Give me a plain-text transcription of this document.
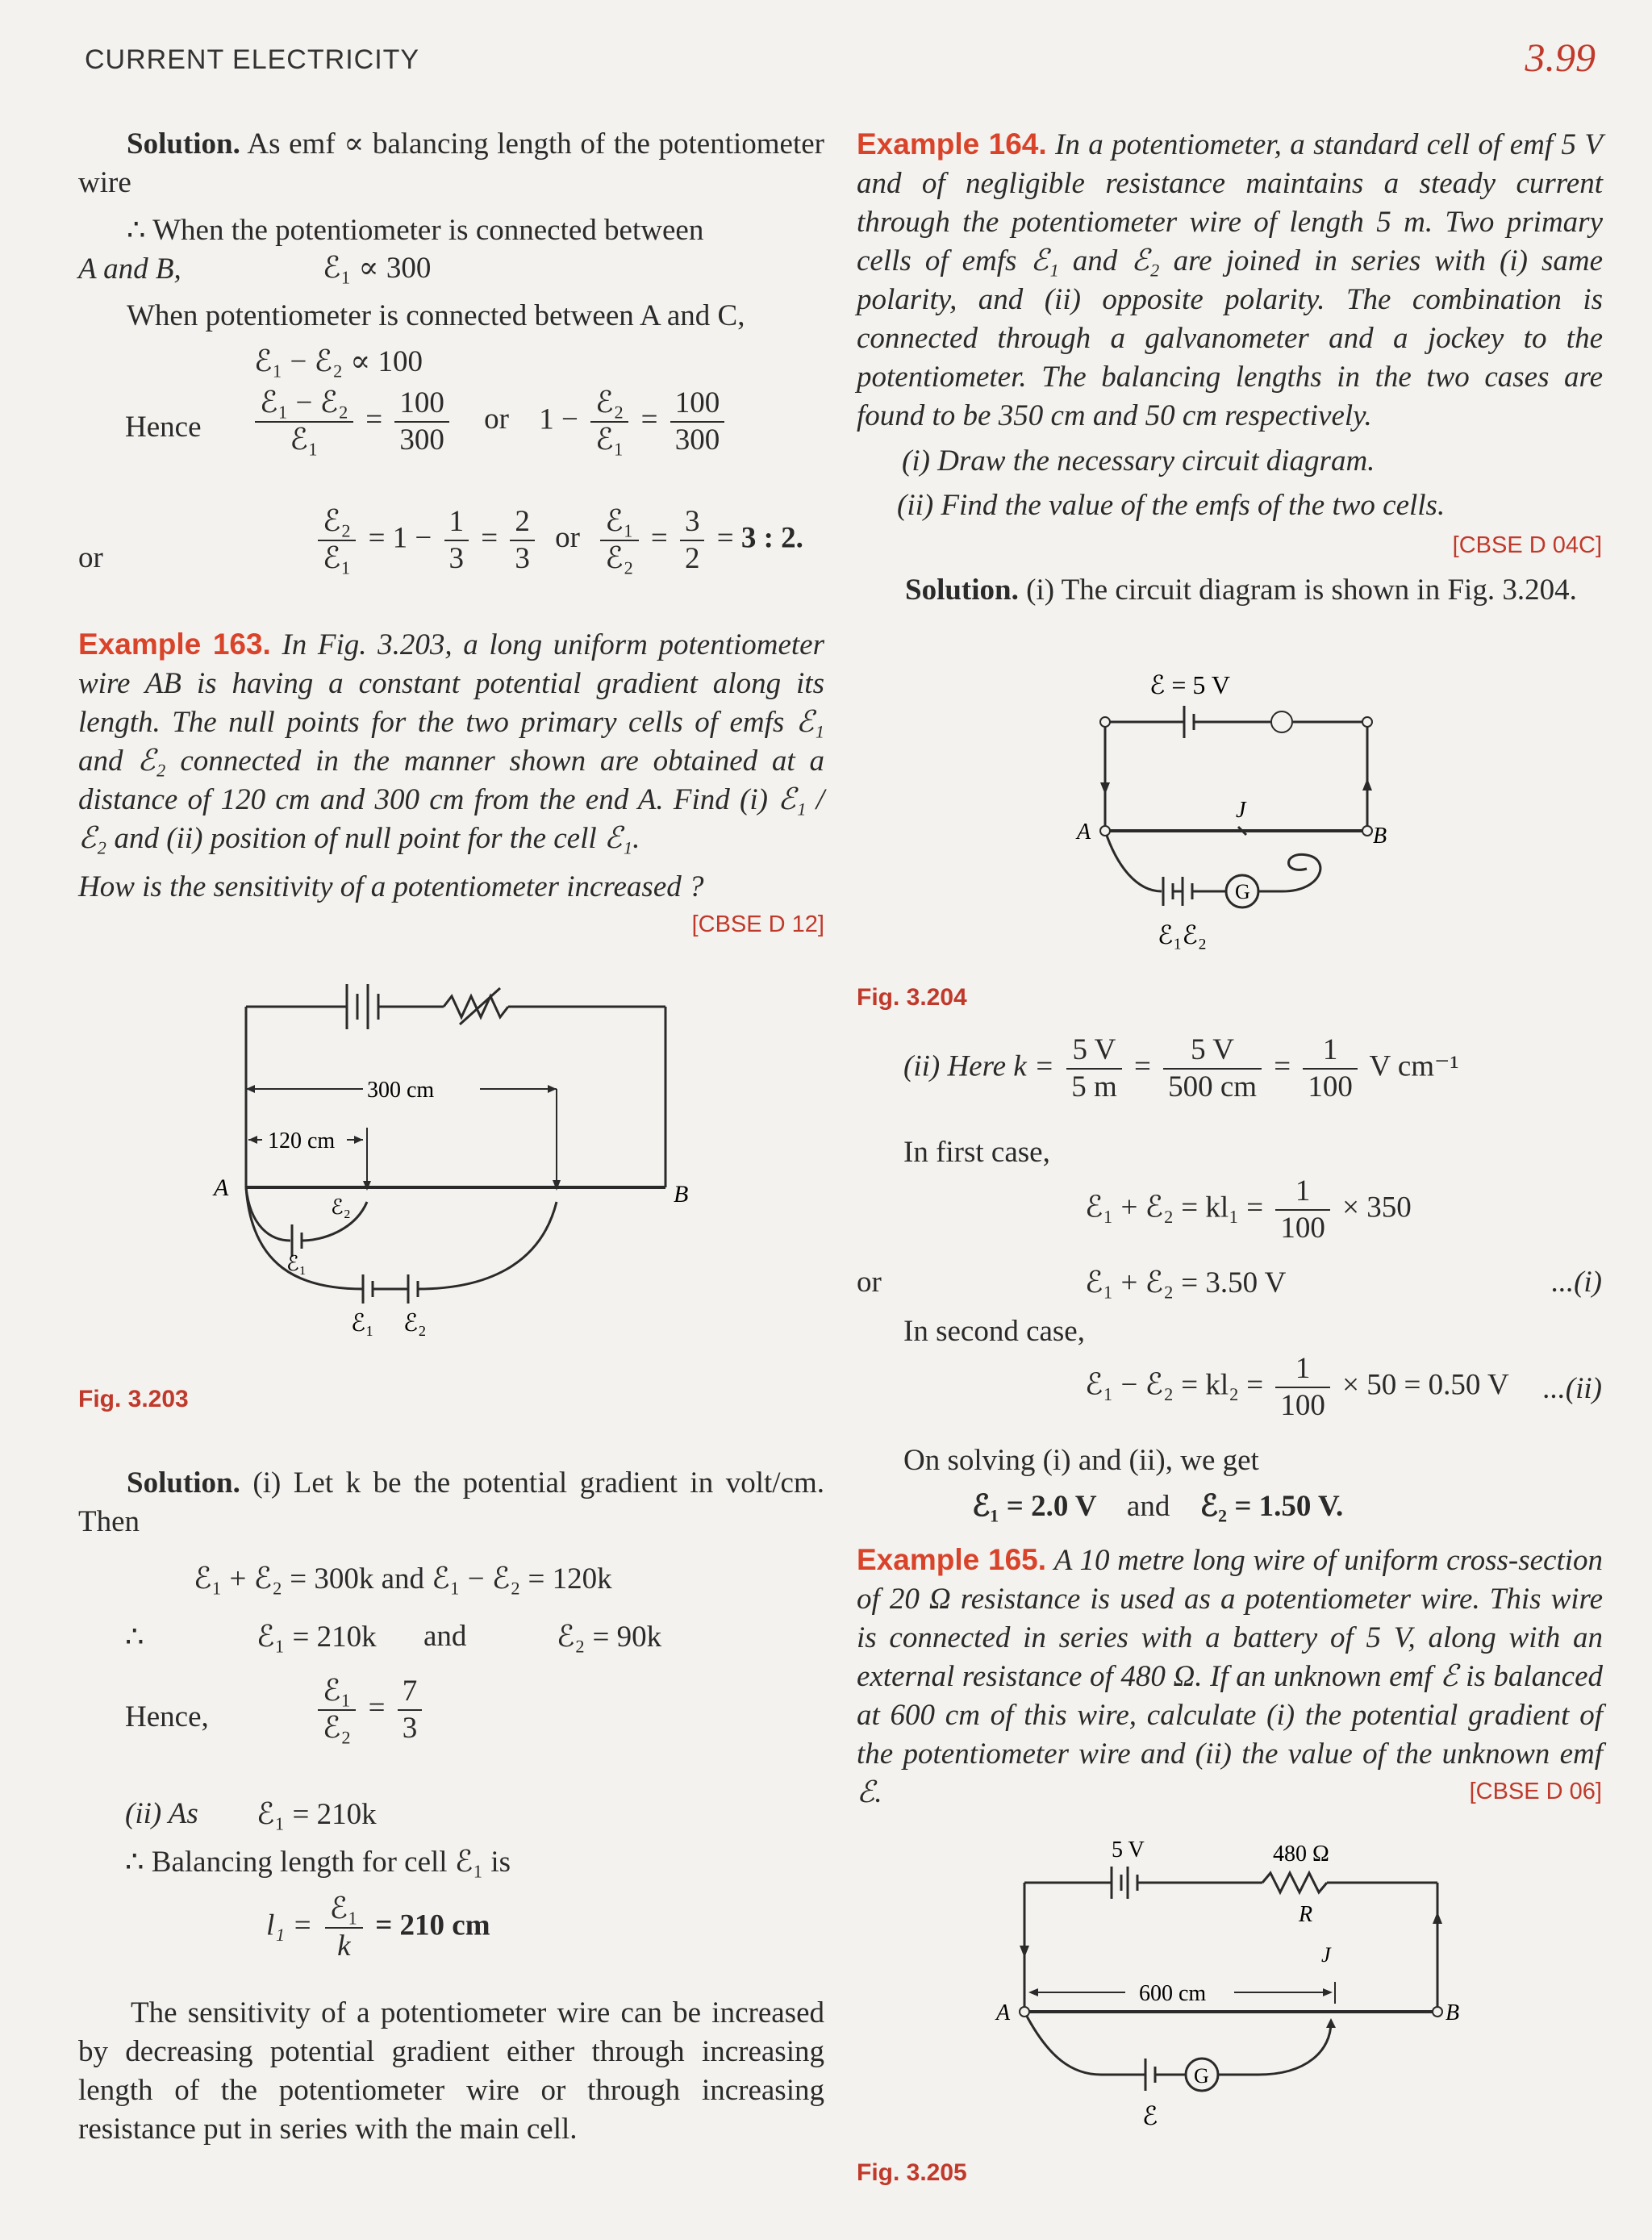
CURRENT ELECTRICITY	3.99
Solution. As emf ∝ balancing length of the potentiometer wire
∴ When the potentiometer is connected between
A and B,	ℰ₁ ∝ 300
When potentiometer is connected between A and C,
ℰ₁ − ℰ₂ ∝ 100
Hence $\frac{\text{ℰ₁ − ℰ₂}}{\text{ℰ₁}} = \frac{100}{300}$ or $1 - \frac{\text{ℰ₂}}{\text{ℰ₁}} = \frac{100}{300}$
or	$\frac{\text{ℰ₂}}{\text{ℰ₁}} = 1 - \frac{1}{3} = \frac{2}{3}$ or $\frac{\text{ℰ₁}}{\text{ℰ₂}} = \frac{3}{2} = 3$ : 2.
Example 163. In Fig. 3.203, a long uniform potentiometer wire AB is having a constant potential gradient along its length. The null points for the two primary cells of emfs ℰ₁ and ℰ₂ connected in the manner shown are obtained at a distance of 120 cm and 300 cm from the end A. Find (i) ℰ₁ / ℰ₂ and (ii) position of null point for the cell ℰ₁.
How is the sensitivity of a potentiometer increased ?
[CBSE D 12]
300 cm
120 cm
A	B
ℰ₂
ℰ₁
ℰ₁ ℰ₂
Fig. 3.203
Solution. (i) Let k be the potential gradient in volt/cm. Then
ℰ₁ + ℰ₂ = 300k and ℰ₁ − ℰ₂ = 120k
∴	ℰ₁ = 210k and	ℰ₂ = 90k
Hence,	$\frac{\text{ℰ₁}}{\text{ℰ₂}} = \frac{7}{3}$
(ii) As ℰ₁ = 210k
∴ Balancing length for cell ℰ₁ is
$l_1 = \frac{\text{ℰ₁}}{k} = 210$ cm
The sensitivity of a potentiometer wire can be increased by decreasing potential gradient either through increasing length of the potentiometer wire or through increasing resistance put in series with the main cell.
Example 164. In a potentiometer, a standard cell of emf 5 V and of negligible resistance maintains a steady current through the potentiometer wire of length 5 m. Two primary cells of emfs ℰ₁ and ℰ₂ are joined in series with (i) same polarity, and (ii) opposite polarity. The combination is connected through a galvanometer and a jockey to the potentiometer. The balancing lengths in the two cases are found to be 350 cm and 50 cm respectively.
(i) Draw the necessary circuit diagram.
(ii) Find the value of the emfs of the two cells.
[CBSE D 04C]
Solution. (i) The circuit diagram is shown in Fig. 3.204.
ℰ = 5 V
J
A	B
G
ℰ₁ℰ₂
Fig. 3.204
(ii) Here $k = \frac{5 V}{5 m} = \frac{5 V}{500 cm} = \frac{1}{100}$ V cm⁻¹
In first case,
ℰ₁ + ℰ₂ = $kl_1 = \frac{1}{100} \times 350$
or	ℰ₁ + ℰ₂ = 3.50 V	...(i)
In second case,
ℰ₁ − ℰ₂ = $kl_2 = \frac{1}{100} \times 50 = 0.50$ V ...(ii)
On solving (i) and (ii), we get
ℰ₁ = 2.0 V and ℰ₂ = 1.50 V.
Example 165. A 10 metre long wire of uniform cross-section of 20 Ω resistance is used as a potentiometer wire. This wire is connected in series with a battery of 5 V, along with an external resistance of 480 Ω. If an unknown emf ℰ is balanced at 600 cm of this wire, calculate (i) the potential gradient of the potentiometer wire and (ii) the value of the unknown emf ℰ.	[CBSE D 06]
5 V	480 Ω
R
J
600 cm
A	B
G
ℰ
Fig. 3.205
